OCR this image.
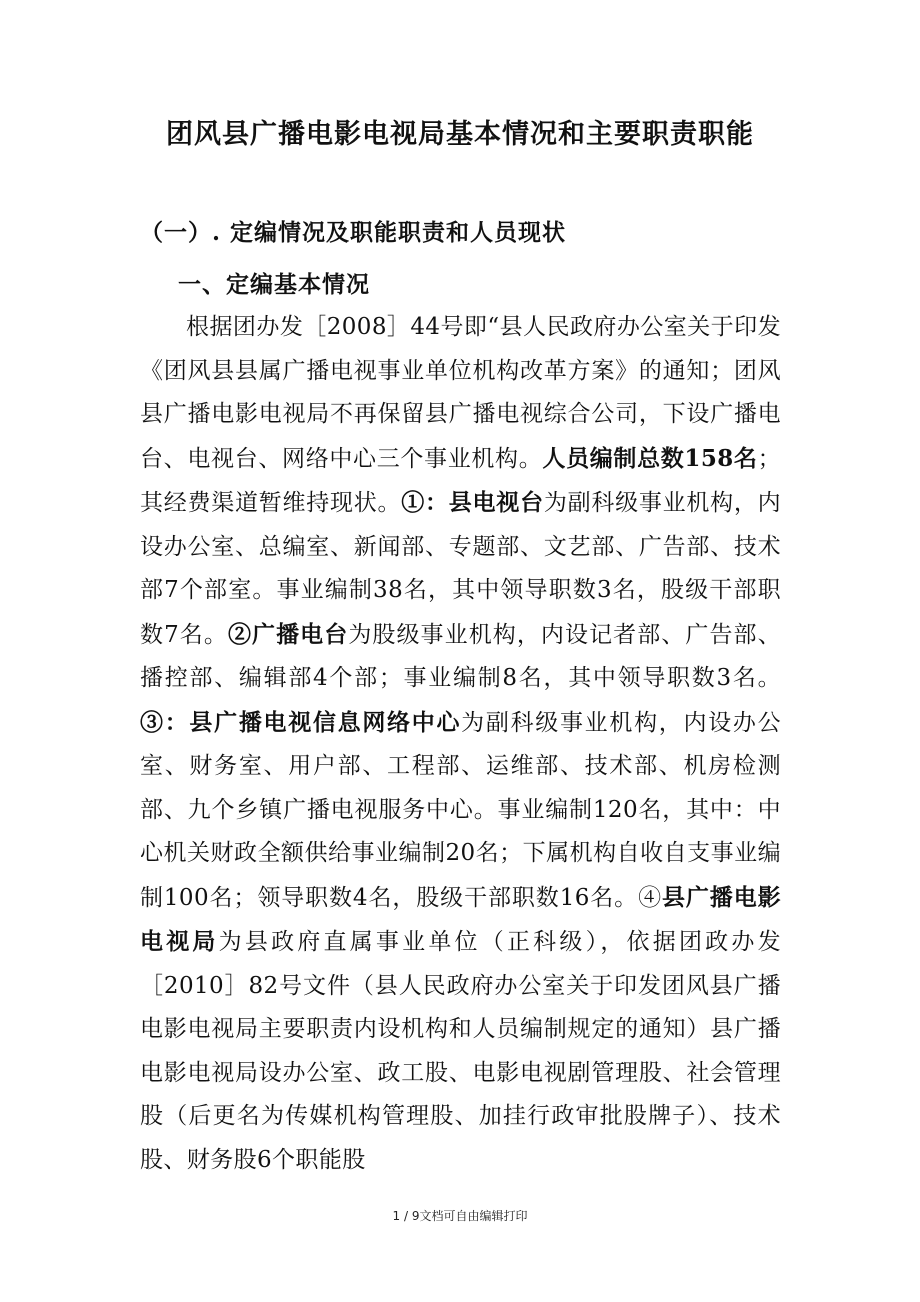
团风县广播电影电视局基本情况和主要职责职能
（一）. 定编情况及职能职责和人员现状
一、定编基本情况

根据团办发［2008］44号即“县人民政府办公室关于印发《团风县县属广播电视事业单位机构改革方案》的通知；团风县广播电影电视局不再保留县广播电视综合公司，下设广播电台、电视台、网络中心三个事业机构。人员编制总数158名；其经费渠道暂维持现状。①：县电视台为副科级事业机构，内设办公室、总编室、新闻部、专题部、文艺部、广告部、技术部7个部室。事业编制38名，其中领导职数3名，股级干部职数7名。②广播电台为股级事业机构，内设记者部、广告部、播控部、编辑部4个部；事业编制8名，其中领导职数3名。③：县广播电视信息网络中心为副科级事业机构，内设办公室、财务室、用户部、工程部、运维部、技术部、机房检测部、九个乡镇广播电视服务中心。事业编制120名，其中：中心机关财政全额供给事业编制20名；下属机构自收自支事业编制100名；领导职数4名，股级干部职数16名。④县广播电影电视局为县政府直属事业单位（正科级），依据团政办发［2010］82号文件（县人民政府办公室关于印发团风县广播电影电视局主要职责内设机构和人员编制规定的通知）县广播电影电视局设办公室、政工股、电影电视剧管理股、社会管理股（后更名为传媒机构管理股、加挂行政审批股牌子）、技术股、财务股6个职能股

1 / 9文档可自由编辑打印
